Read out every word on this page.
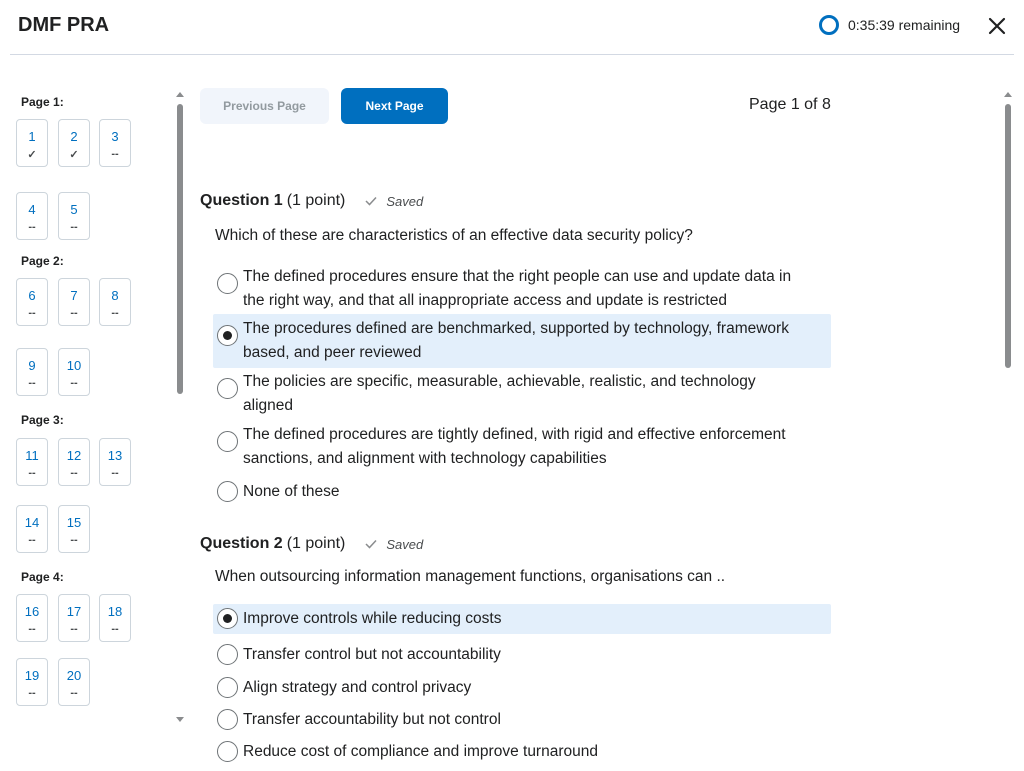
DMF PRA	0:35:39 remaining
Page 1:
1
✓
2
✓
3
--
4
--
5
--
Page 2:
6
--
7
--
8
--
9
--
10
--
Page 3:
11
--
12
--
13
--
14
--
15
--
Page 4:
16
--
17
--
18
--
19
--
20
--
Previous Page	Next Page	Page 1 of 8
Question 1 (1 point)	Saved
Which of these are characteristics of an effective data security policy?
The defined procedures ensure that the right people can use and update data in
the right way, and that all inappropriate access and update is restricted
The procedures defined are benchmarked, supported by technology, framework
based, and peer reviewed
The policies are specific, measurable, achievable, realistic, and technology
aligned
The defined procedures are tightly defined, with rigid and effective enforcement
sanctions, and alignment with technology capabilities
None of these
Question 2 (1 point)	Saved
When outsourcing information management functions, organisations can ..
Improve controls while reducing costs
Transfer control but not accountability
Align strategy and control privacy
Transfer accountability but not control
Reduce cost of compliance and improve turnaround
